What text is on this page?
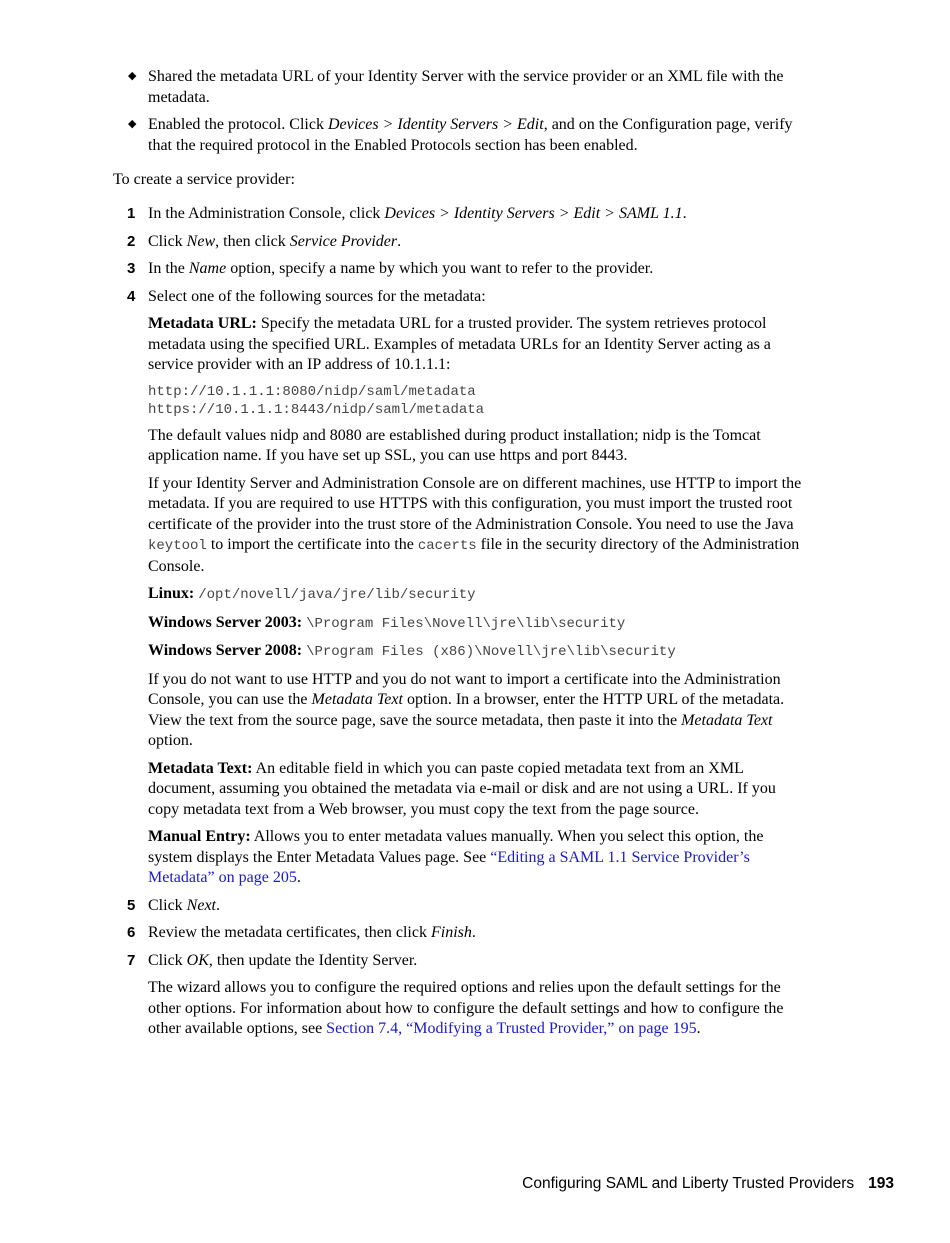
◆ Shared the metadata URL of your Identity Server with the service provider or an XML file with the metadata.
◆ Enabled the protocol. Click Devices > Identity Servers > Edit, and on the Configuration page, verify that the required protocol in the Enabled Protocols section has been enabled.

To create a service provider:

1 In the Administration Console, click Devices > Identity Servers > Edit > SAML 1.1.
2 Click New, then click Service Provider.
3 In the Name option, specify a name by which you want to refer to the provider.
4 Select one of the following sources for the metadata:

Metadata URL: Specify the metadata URL for a trusted provider. The system retrieves protocol metadata using the specified URL. Examples of metadata URLs for an Identity Server acting as a service provider with an IP address of 10.1.1.1:

http://10.1.1.1:8080/nidp/saml/metadata
https://10.1.1.1:8443/nidp/saml/metadata

The default values nidp and 8080 are established during product installation; nidp is the Tomcat application name. If you have set up SSL, you can use https and port 8443.

If your Identity Server and Administration Console are on different machines, use HTTP to import the metadata. If you are required to use HTTPS with this configuration, you must import the trusted root certificate of the provider into the trust store of the Administration Console. You need to use the Java keytool to import the certificate into the cacerts file in the security directory of the Administration Console.

Linux: /opt/novell/java/jre/lib/security

Windows Server 2003: \Program Files\Novell\jre\lib\security

Windows Server 2008: \Program Files (x86)\Novell\jre\lib\security

If you do not want to use HTTP and you do not want to import a certificate into the Administration Console, you can use the Metadata Text option. In a browser, enter the HTTP URL of the metadata. View the text from the source page, save the source metadata, then paste it into the Metadata Text option.

Metadata Text: An editable field in which you can paste copied metadata text from an XML document, assuming you obtained the metadata via e-mail or disk and are not using a URL. If you copy metadata text from a Web browser, you must copy the text from the page source.

Manual Entry: Allows you to enter metadata values manually. When you select this option, the system displays the Enter Metadata Values page. See “Editing a SAML 1.1 Service Provider’s Metadata” on page 205.

5 Click Next.
6 Review the metadata certificates, then click Finish.
7 Click OK, then update the Identity Server.

The wizard allows you to configure the required options and relies upon the default settings for the other options. For information about how to configure the default settings and how to configure the other available options, see Section 7.4, “Modifying a Trusted Provider,” on page 195.

Configuring SAML and Liberty Trusted Providers 193
